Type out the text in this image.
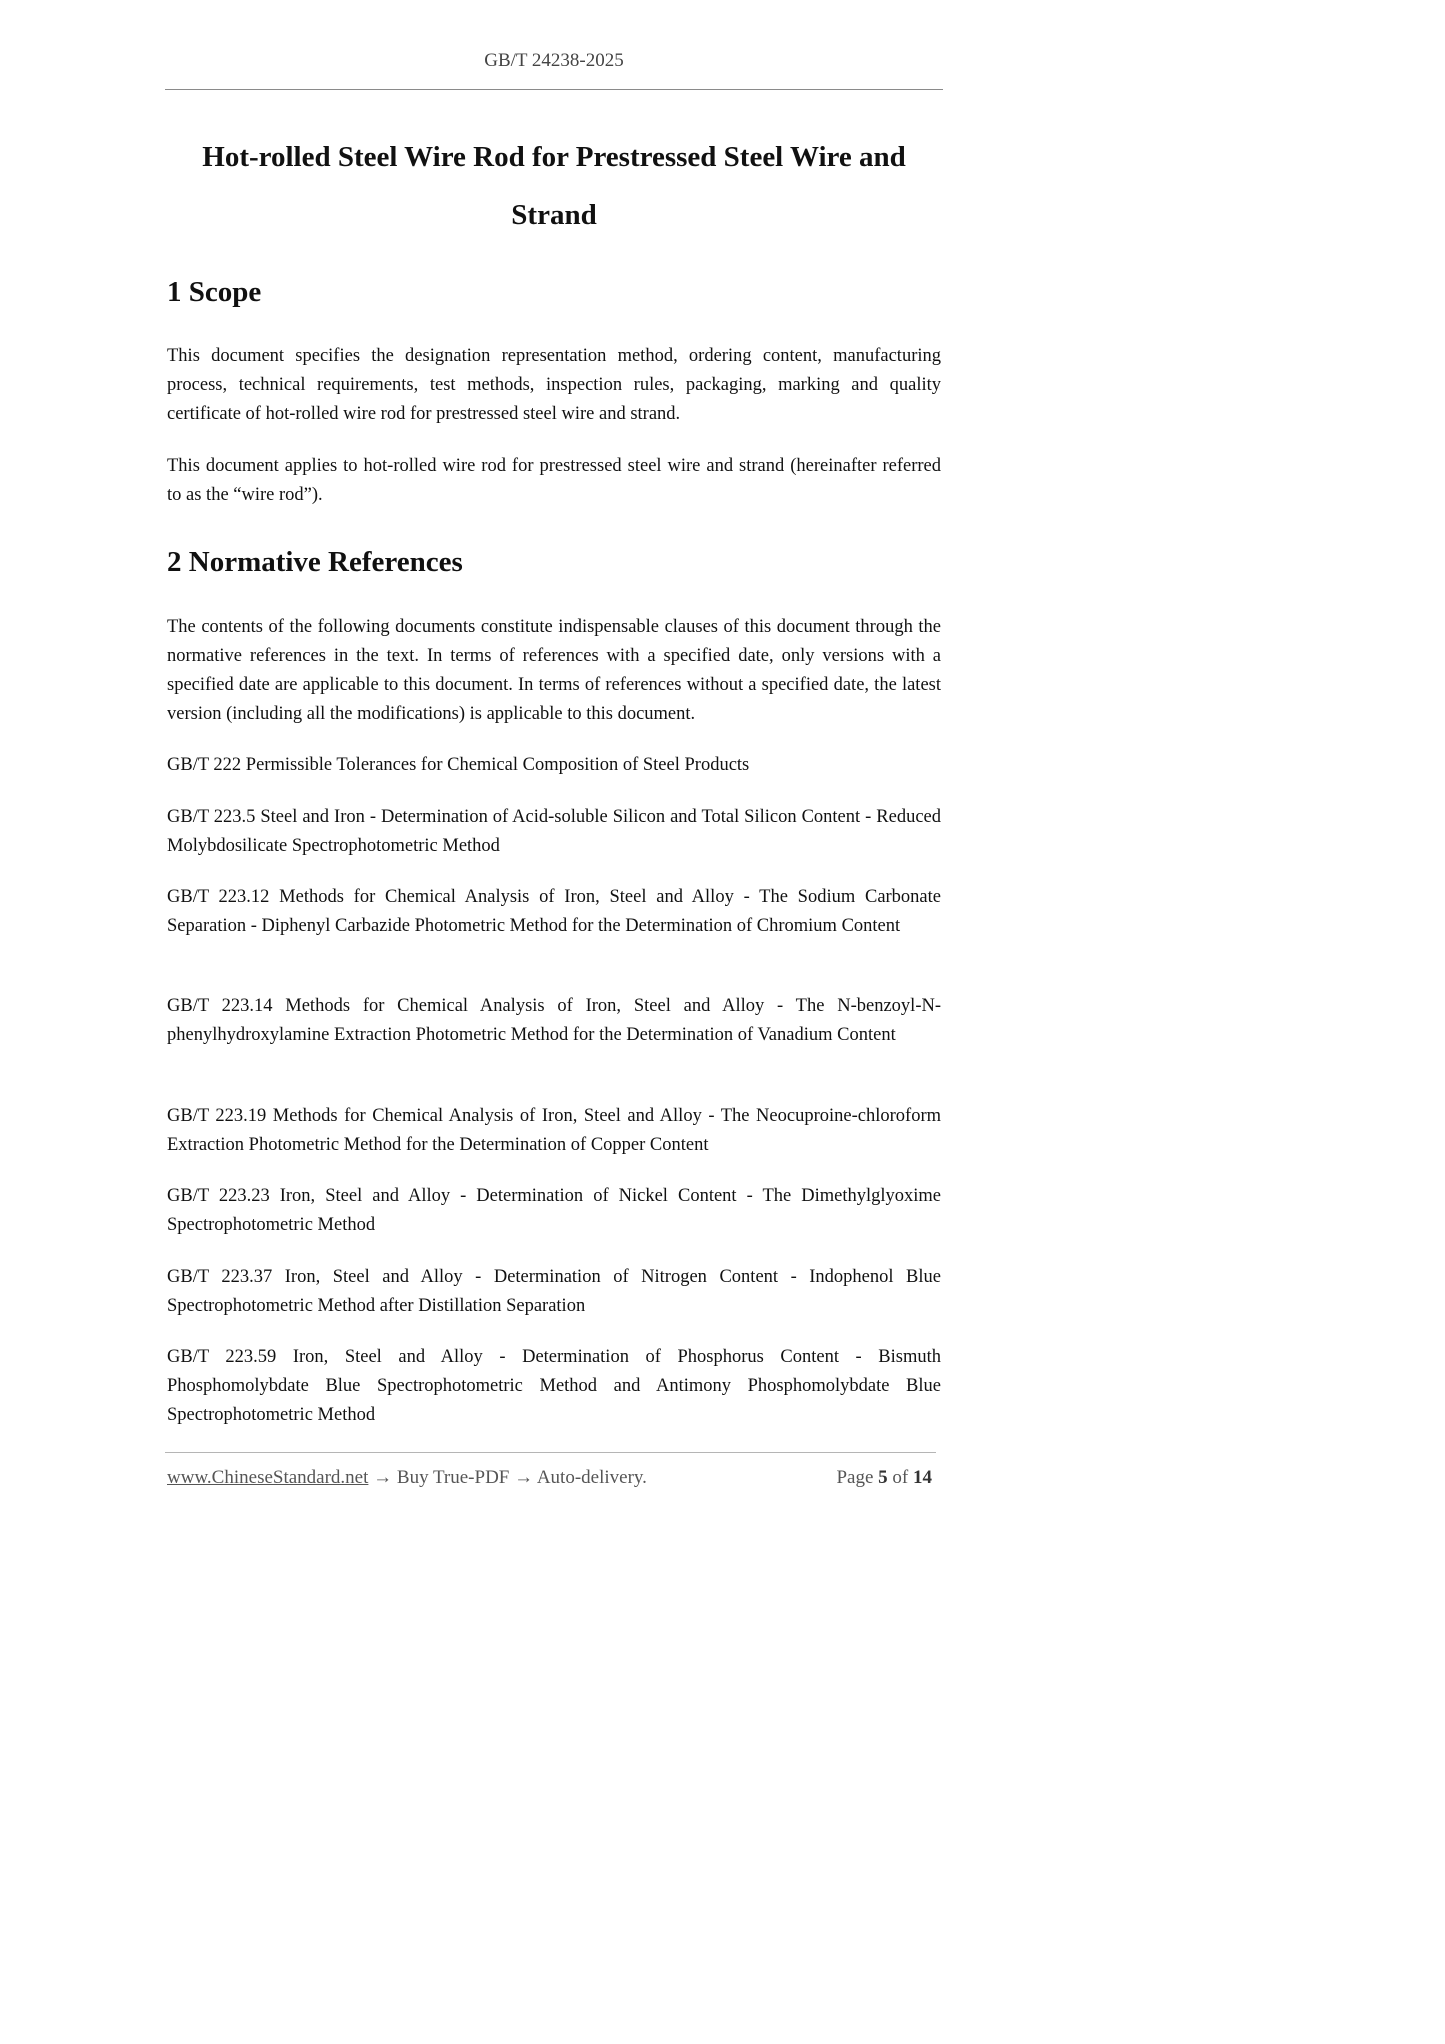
GB/T 24238-2025
Hot-rolled Steel Wire Rod for Prestressed Steel Wire and
Strand
1 Scope

This document specifies the designation representation method, ordering content, manufacturing process, technical requirements, test methods, inspection rules, packaging, marking and quality certificate of hot-rolled wire rod for prestressed steel wire and strand.

This document applies to hot-rolled wire rod for prestressed steel wire and strand (hereinafter referred to as the “wire rod”).

2 Normative References

The contents of the following documents constitute indispensable clauses of this document through the normative references in the text. In terms of references with a specified date, only versions with a specified date are applicable to this document. In terms of references without a specified date, the latest version (including all the modifications) is applicable to this document.

GB/T 222 Permissible Tolerances for Chemical Composition of Steel Products

GB/T 223.5 Steel and Iron - Determination of Acid-soluble Silicon and Total Silicon Content - Reduced Molybdosilicate Spectrophotometric Method

GB/T 223.12 Methods for Chemical Analysis of Iron, Steel and Alloy - The Sodium Carbonate Separation - Diphenyl Carbazide Photometric Method for the Determination of Chromium Content

GB/T 223.14 Methods for Chemical Analysis of Iron, Steel and Alloy - The N-benzoyl-N-phenylhydroxylamine Extraction Photometric Method for the Determination of Vanadium Content

GB/T 223.19 Methods for Chemical Analysis of Iron, Steel and Alloy - The Neocuproine-chloroform Extraction Photometric Method for the Determination of Copper Content

GB/T 223.23 Iron, Steel and Alloy - Determination of Nickel Content - The Dimethylglyoxime Spectrophotometric Method

GB/T 223.37 Iron, Steel and Alloy - Determination of Nitrogen Content - Indophenol Blue Spectrophotometric Method after Distillation Separation

GB/T 223.59 Iron, Steel and Alloy - Determination of Phosphorus Content - Bismuth Phosphomolybdate Blue Spectrophotometric Method and Antimony Phosphomolybdate Blue Spectrophotometric Method

www.ChineseStandard.net → Buy True-PDF → Auto-delivery.	Page 5 of 14
